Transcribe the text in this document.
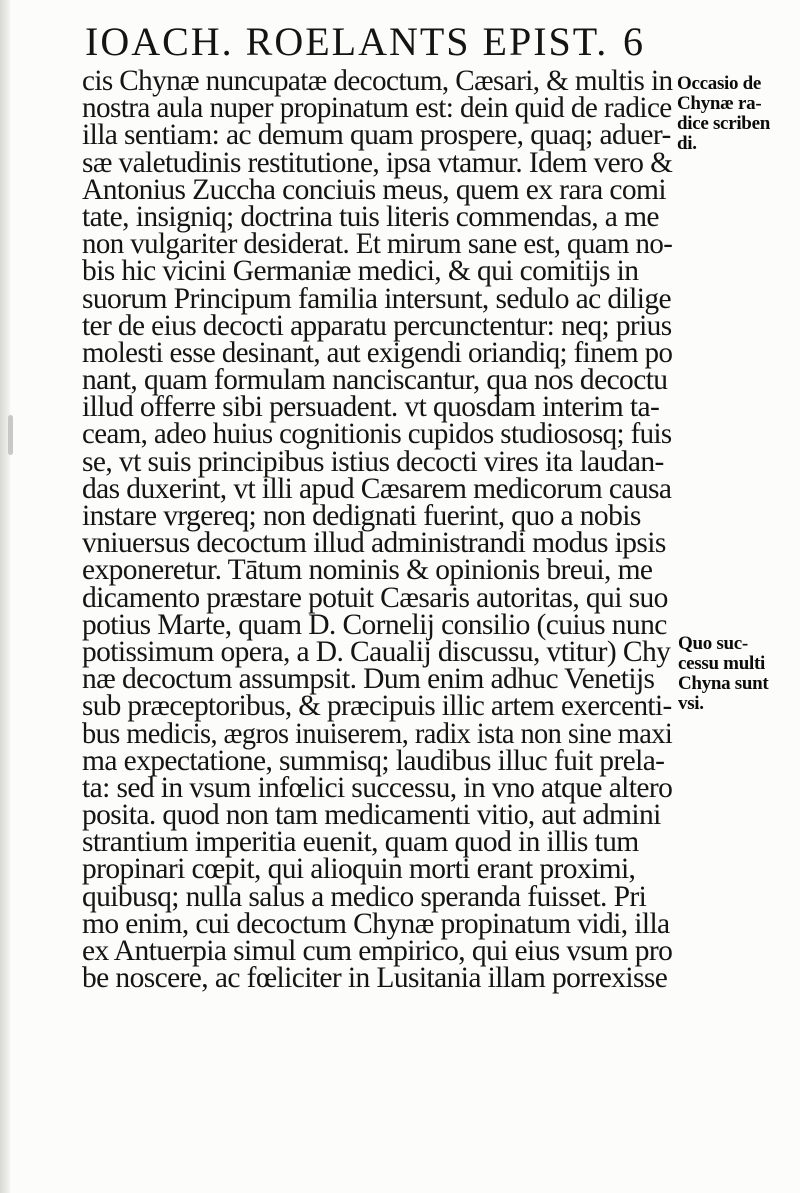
IOACH. ROELANTS EPIST. 6
cis Chynæ nuncupatæ decoctum, Cæsari, & multis in
nostra aula nuper propinatum est: dein quid de radice
illa sentiam: ac demum quam prospere, quaq; aduer-
sæ valetudinis restitutione, ipsa vtamur. Idem vero &
Antonius Zuccha conciuis meus, quem ex rara comi
tate, insigniq; doctrina tuis literis commendas, a me
non vulgariter desiderat. Et mirum sane est, quam no-
bis hic vicini Germaniæ medici, & qui comitijs in
suorum Principum familia intersunt, sedulo ac dilige
ter de eius decocti apparatu percunctentur: neq; prius
molesti esse desinant, aut exigendi oriandiq; finem po
nant, quam formulam nanciscantur, qua nos decoctu
illud offerre sibi persuadent. vt quosdam interim ta-
ceam, adeo huius cognitionis cupidos studiososq; fuis
se, vt suis principibus istius decocti vires ita laudan-
das duxerint, vt illi apud Cæsarem medicorum causa
instare vrgereq; non dedignati fuerint, quo a nobis
vniuersus decoctum illud administrandi modus ipsis
exponeretur. Tātum nominis & opinionis breui, me
dicamento præstare potuit Cæsaris autoritas, qui suo
potius Marte, quam D. Cornelij consilio (cuius nunc
potissimum opera, a D. Caualij discussu, vtitur) Chy
næ decoctum assumpsit. Dum enim adhuc Venetijs
sub præceptoribus, & præcipuis illic artem exercenti-
bus medicis, ægros inuiserem, radix ista non sine maxi
ma expectatione, summisq; laudibus illuc fuit prela-
ta: sed in vsum infœlici successu, in vno atque altero
posita. quod non tam medicamenti vitio, aut admini
strantium imperitia euenit, quam quod in illis tum
propinari cœpit, qui alioquin morti erant proximi,
quibusq; nulla salus a medico speranda fuisset. Pri
mo enim, cui decoctum Chynæ propinatum vidi, illa
ex Antuerpia simul cum empirico, qui eius vsum pro
be noscere, ac fœliciter in Lusitania illam porrexisse
Occasio de
Chynæ ra-
dice scriben
di.
Quo suc-
cessu multi
Chyna sunt
vsi.
